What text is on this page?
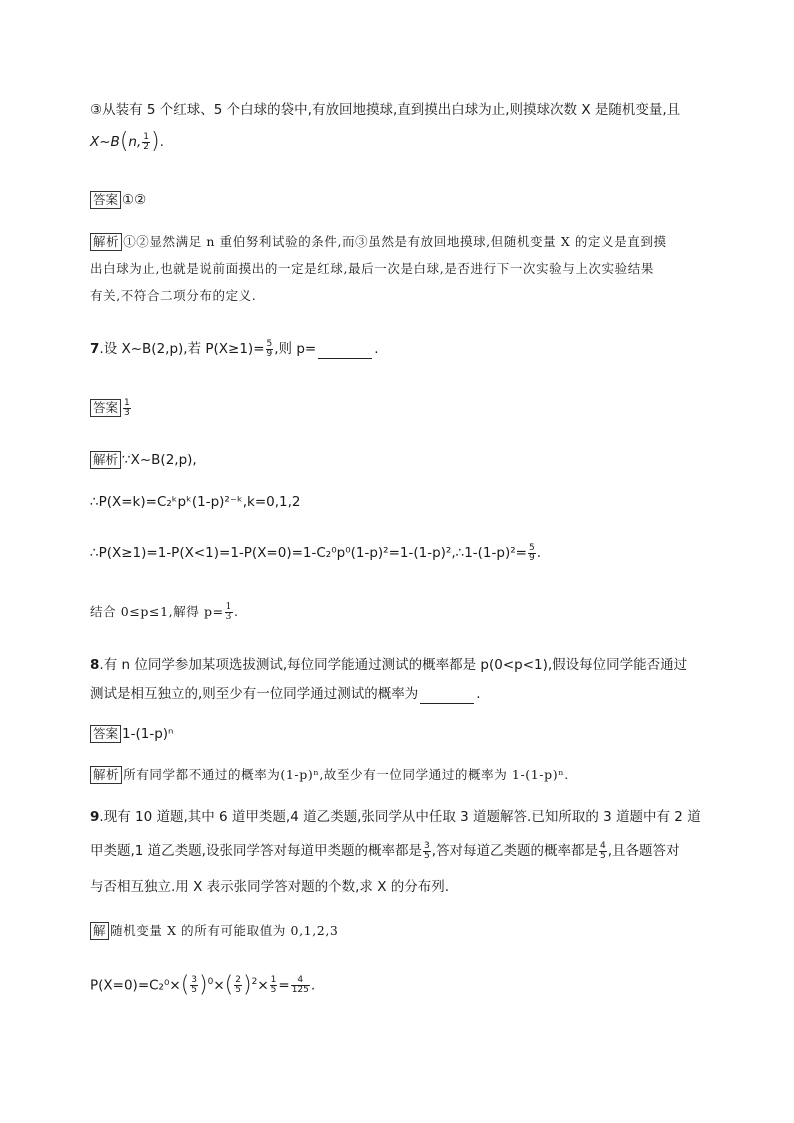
③从装有 5 个红球、5 个白球的袋中,有放回地摸球,直到摸出白球为止,则摸球次数 X 是随机变量,且
X~B(n, $\frac{1}{2}$ ).
答案 ①②
解析 ①②显然满足 n 重伯努利试验的条件,而③虽然是有放回地摸球,但随机变量 X 的定义是直到摸
出白球为止,也就是说前面摸出的一定是红球,最后一次是白球,是否进行下一次实验与上次实验结果
有关,不符合二项分布的定义.
7.设 X~B(2,p),若 $P(X\ge 1)= \frac{5}{9}$ ,则 p=	.
答案 $\frac{1}{3}$
解析 ∵X~B(2,p),
∴P(X=k)=C₂ᵏpᵏ(1-p)²⁻ᵏ,k=0,1,2
∴P(X≥1)=1-P(X<1)=1-P(X=0)=1-C₂⁰p⁰(1-p)²=1-(1-p)²,∴1-(1-p)²= $\frac{5}{9}$ .
结合 0≤p≤1,解得 $p= \frac{1}{3}$ .
8.有 n 位同学参加某项选拔测试,每位同学能通过测试的概率都是 p(0<p<1),假设每位同学能否通过
测试是相互独立的,则至少有一位同学通过测试的概率为	.
答案 1-(1-p)ⁿ
解析 所有同学都不通过的概率为(1-p)ⁿ,故至少有一位同学通过的概率为 1-(1-p)ⁿ.
9.现有 10 道题,其中 6 道甲类题,4 道乙类题,张同学从中任取 3 道题解答.已知所取的 3 道题中有 2 道
甲类题,1 道乙类题,设张同学答对每道甲类题的概率都是 $\frac{3}{5}$ ,答对每道乙类题的概率都是 $\frac{4}{5}$ ,且各题答对
与否相互独立.用 X 表示张同学答对题的个数,求 X 的分布列.
解 随机变量 X 的所有可能取值为 0,1,2,3
$P(X=0)=C_2^0\times( \frac{3}{5} )^0\times( \frac{2}{5} )^2\times \frac{1}{5} = \frac{4}{125}$ .
